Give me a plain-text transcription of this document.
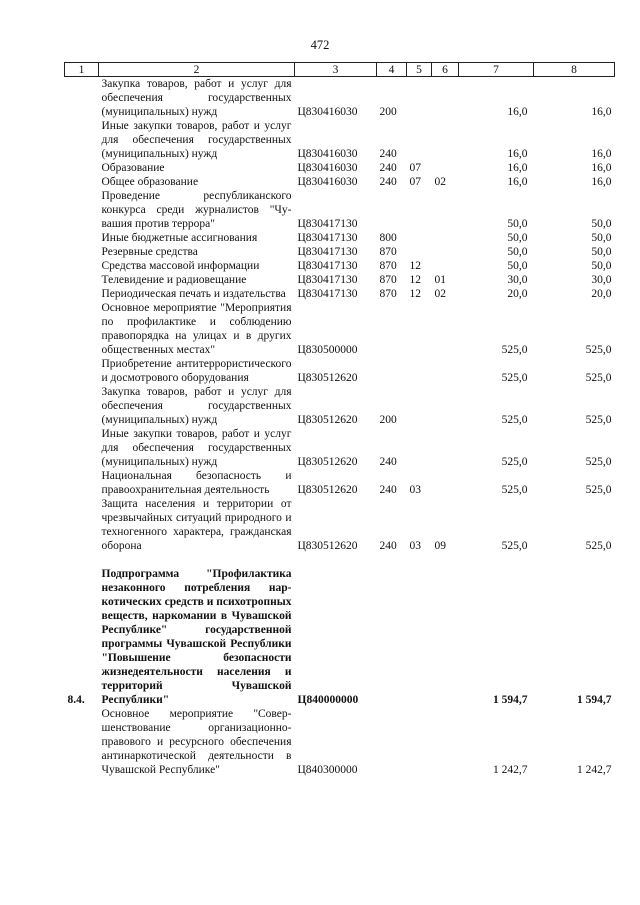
472
1	2	3	4	5	6	7	8
	Закупка товаров, работ и услуг для обеспечения государственных (муниципальных) нужд	Ц830416030	200			16,0	16,0
	Иные закупки товаров, работ и услуг для обеспечения государственных (муниципальных) нужд	Ц830416030	240			16,0	16,0
	Образование	Ц830416030	240	07		16,0	16,0
	Общее образование	Ц830416030	240	07	02	16,0	16,0
	Проведение республиканского конкурса среди журналистов "Чувашия против террора"	Ц830417130				50,0	50,0
	Иные бюджетные ассигнования	Ц830417130	800			50,0	50,0
	Резервные средства	Ц830417130	870			50,0	50,0
	Средства массовой информации	Ц830417130	870	12		50,0	50,0
	Телевидение и радиовещание	Ц830417130	870	12	01	30,0	30,0
	Периодическая печать и издательства	Ц830417130	870	12	02	20,0	20,0
	Основное мероприятие "Мероприятия по профилактике и соблюдению правопорядка на улицах и в других общественных местах"	Ц830500000				525,0	525,0
	Приобретение антитеррористического и досмотрового оборудования	Ц830512620				525,0	525,0
	Закупка товаров, работ и услуг для обеспечения государственных (муниципальных) нужд	Ц830512620	200			525,0	525,0
	Иные закупки товаров, работ и услуг для обеспечения государственных (муниципальных) нужд	Ц830512620	240			525,0	525,0
	Национальная безопасность и правоохранительная деятельность	Ц830512620	240	03		525,0	525,0
	Защита населения и территории от чрезвычайных ситуаций природного и техногенного характера, гражданская оборона	Ц830512620	240	03	09	525,0	525,0

8.4.	Подпрограмма "Профилактика незаконного потребления наркотических средств и психотропных веществ, наркомании в Чувашской Республике" государственной программы Чувашской Республики "Повышение безопасности жизнедеятельности населения и территорий Чувашской Республики"	Ц840000000				1 594,7	1 594,7
	Основное мероприятие "Совершенствование организационно-правового и ресурсного обеспечения антинаркотической деятельности в Чувашской Республике"	Ц840300000				1 242,7	1 242,7
